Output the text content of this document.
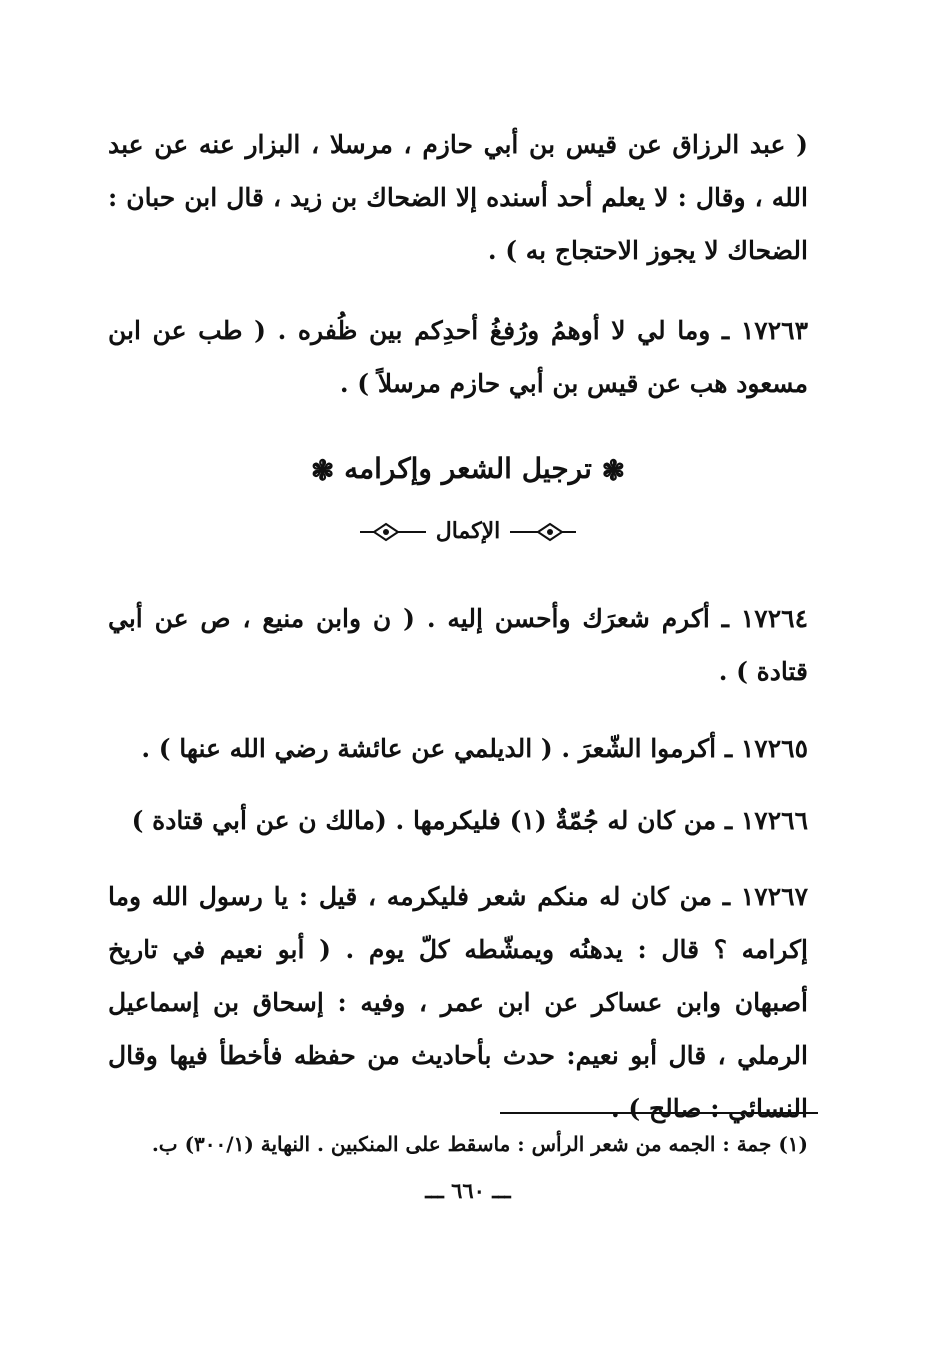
( عبد الرزاق عن قيس بن أبي حازم ، مرسلا ، البزار عنه عن عبد الله ، وقال : لا يعلم أحد أسنده إلا الضحاك بن زيد ، قال ابن حبان : الضحاك لا يجوز الاحتجاج به ) .

١٧٢٦٣ ـ وما لي لا أوهمُ ورُفغُ أحدِكم بين ظُفره . ( طب عن ابن مسعود هب عن قيس بن أبي حازم مرسلاً ) .

❃ ترجيل الشعر وإكرامه ❃
الإكمال

١٧٢٦٤ ـ أكرم شعرَك وأحسن إليه . ( ن وابن منيع ، ص عن أبي قتادة ) .

١٧٢٦٥ ـ أكرموا الشّعرَ . ( الديلمي عن عائشة رضي الله عنها ) .

١٧٢٦٦ ـ من كان له جُمّةٌ (١) فليكرمها . (مالك ن عن أبي قتادة )

١٧٢٦٧ ـ من كان له منكم شعر فليكرمه ، قيل : يا رسول الله وما إكرامه ؟ قال : يدهنُه ويمشّطه كلّ يوم . ( أبو نعيم في تاريخ أصبهان وابن عساكر عن ابن عمر ، وفيه : إسحاق بن إسماعيل الرملي ، قال أبو نعيم: حدث بأحاديث من حفظه فأخطأ فيها وقال النسائي : صالح ) .

(١) جمة : الجمه من شعر الرأس : ماسقط على المنكبين . النهاية (٣٠٠/١) ب.

ـــ ٦٦٠ ـــ
